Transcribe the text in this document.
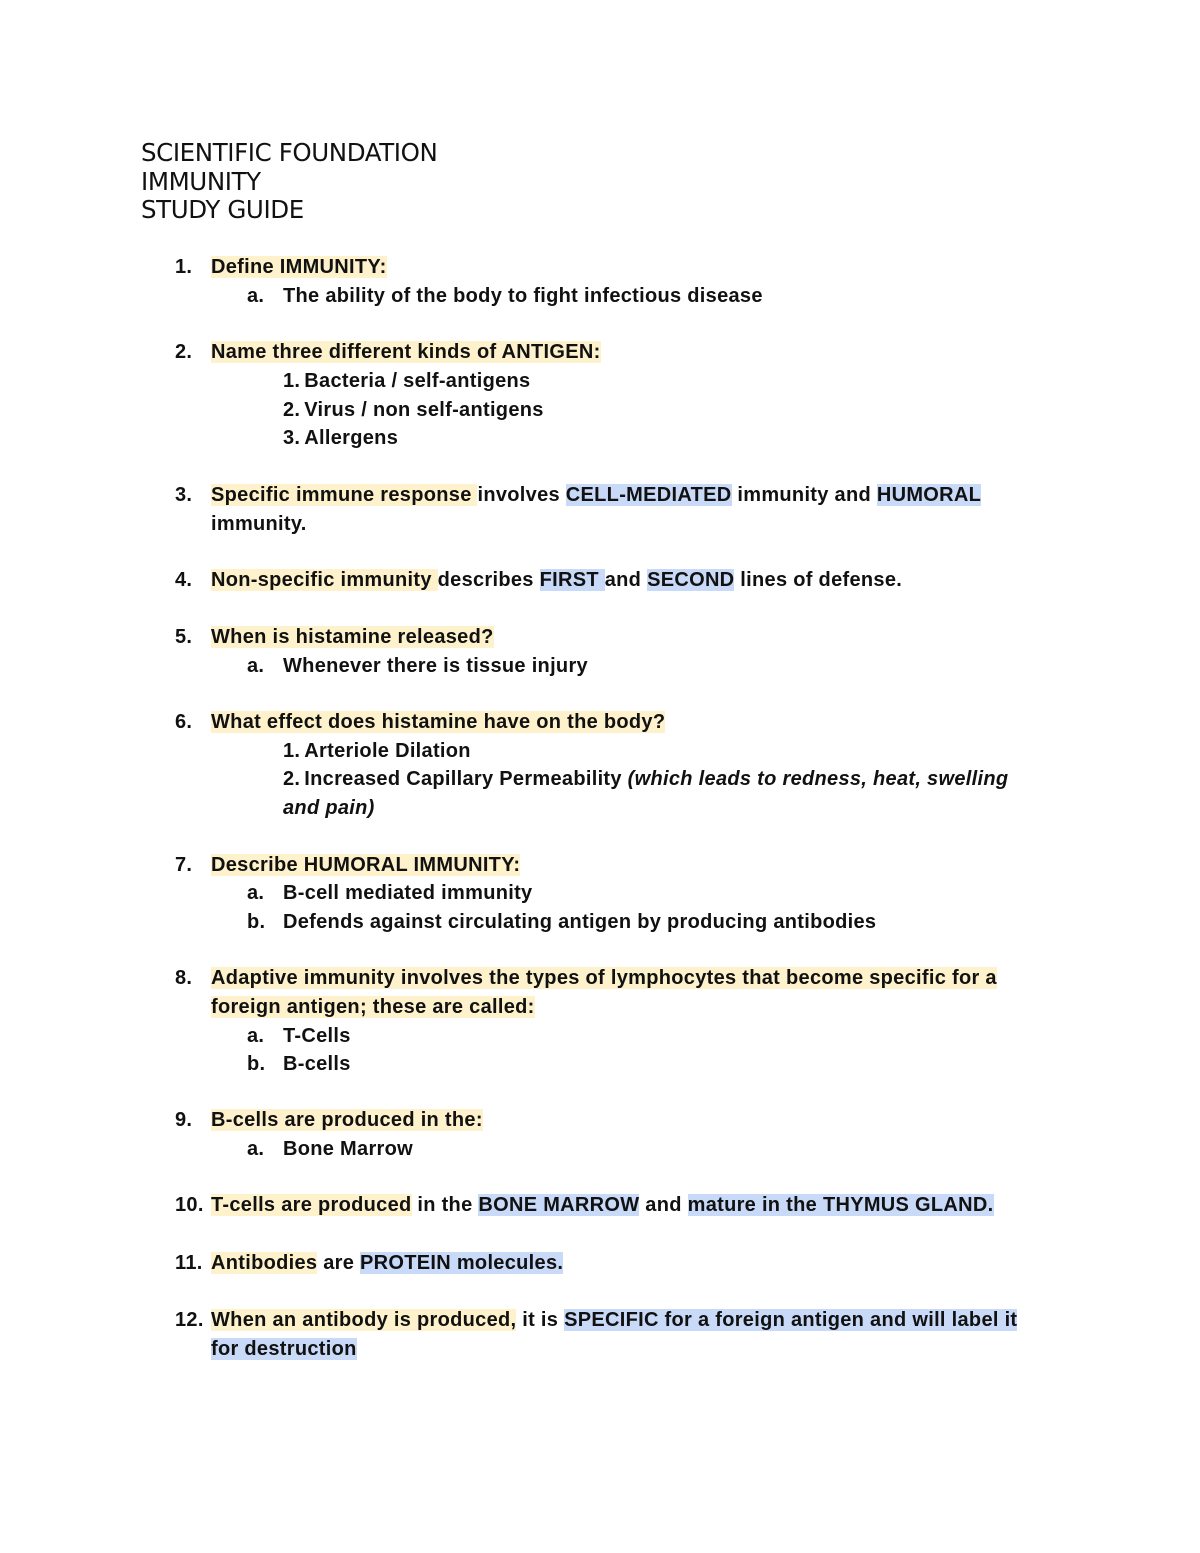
SCIENTIFIC FOUNDATION
IMMUNITY
STUDY GUIDE
1. Define IMMUNITY:
a. The ability of the body to fight infectious disease
2. Name three different kinds of ANTIGEN:
1. Bacteria / self-antigens
2. Virus / non self-antigens
3. Allergens
3. Specific immune response involves CELL-MEDIATED immunity and HUMORAL
immunity.
4. Non-specific immunity describes FIRST and SECOND lines of defense.
5. When is histamine released?
a. Whenever there is tissue injury
6. What effect does histamine have on the body?
1. Arteriole Dilation
2. Increased Capillary Permeability (which leads to redness, heat, swelling
and pain)
7. Describe HUMORAL IMMUNITY:
a. B-cell mediated immunity
b. Defends against circulating antigen by producing antibodies
8. Adaptive immunity involves the types of lymphocytes that become specific for a
foreign antigen; these are called:
a. T-Cells
b. B-cells
9. B-cells are produced in the:
a. Bone Marrow
10. T-cells are produced in the BONE MARROW and mature in the THYMUS GLAND.
11. Antibodies are PROTEIN molecules.
12. When an antibody is produced, it is SPECIFIC for a foreign antigen and will label it
for destruction
